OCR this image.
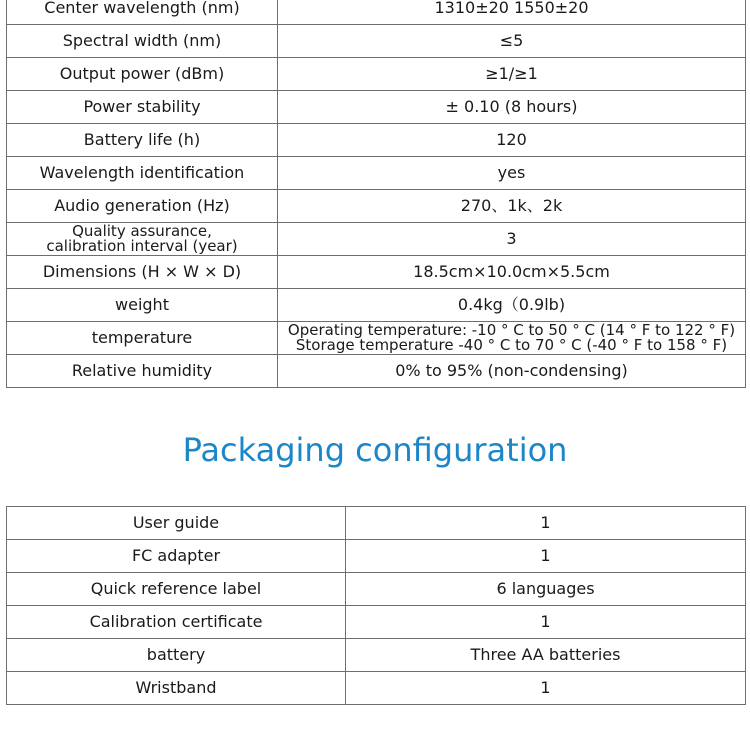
Center wavelength (nm)	1310±20 1550±20
Spectral width (nm)	≤5
Output power (dBm)	≥1/≥1
Power stability	± 0.10 (8 hours)
Battery life (h)	120
Wavelength identification	yes
Audio generation (Hz)	270、1k、2k

Quality assurance,
calibration interval (year)	3
Dimensions (H × W × D)	18.5cm×10.0cm×5.5cm
weight	0.4kg（0.9lb)
temperature	Operating temperature: -10 ° C to 50 ° C (14 ° F to 122 ° F)
Storage temperature -40 ° C to 70 ° C (-40 ° F to 158 ° F)

Relative humidity	0% to 95% (non-condensing)
Packaging configuration
User guide	1
FC adapter	1
Quick reference label	6 languages
Calibration certificate	1
battery	Three AA batteries
Wristband	1
